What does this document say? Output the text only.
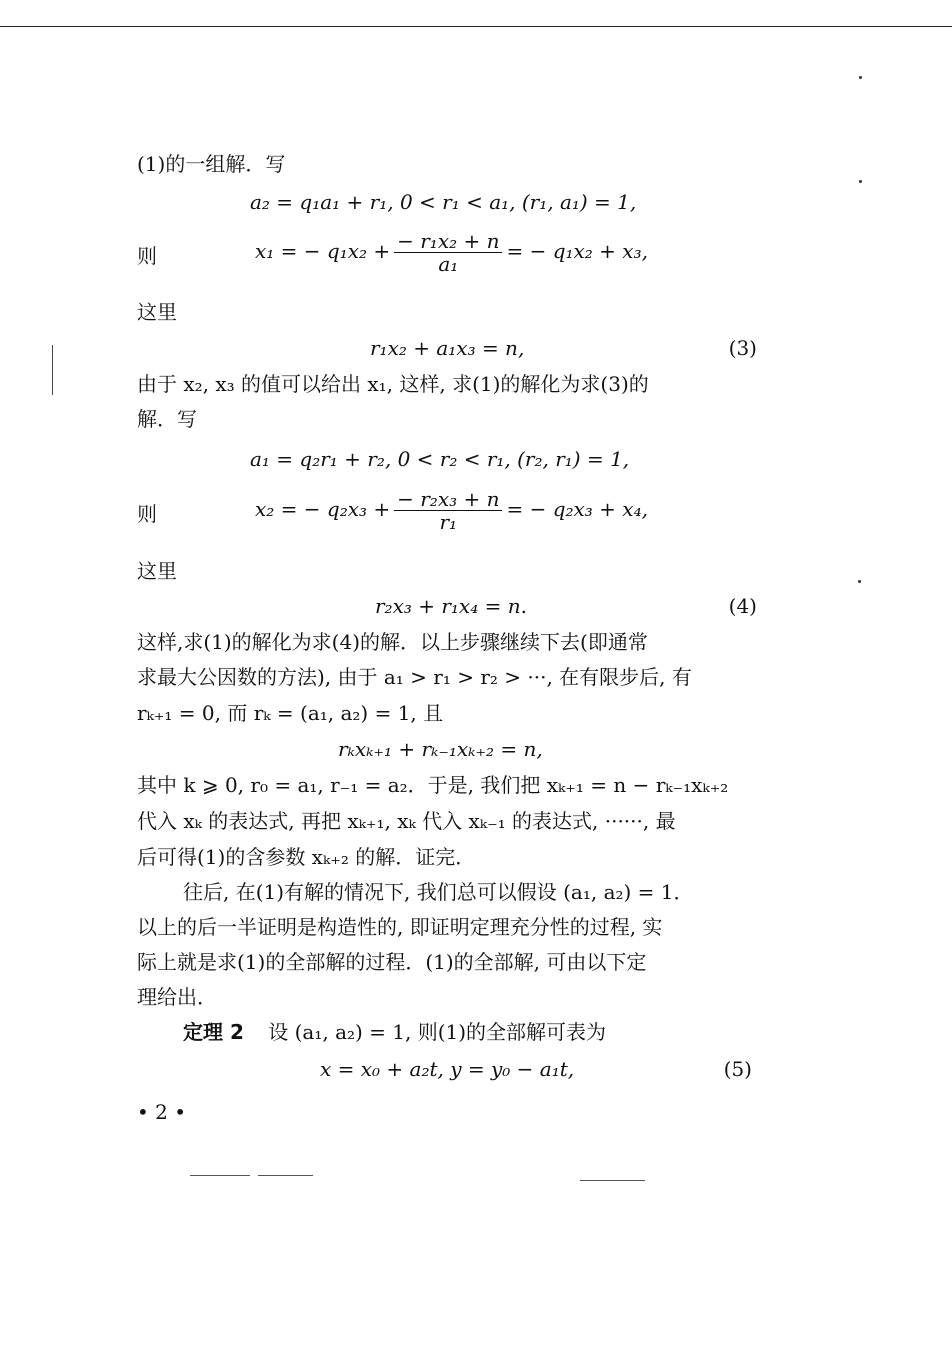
(1)的一组解．写
a₂ = q₁a₁ + r₁, 0 < r₁ < a₁, (r₁, a₁) = 1,
则	x₁ = − $q_1x_2 + \frac{\text{− r₁x₂ + n}}{\text{a₁}}$ = − q₁x₂ + x₃,
这里
r₁x₂ + a₁x₃ = n,	(3)
由于 x₂, x₃ 的值可以给出 x₁, 这样, 求(1)的解化为求(3)的
解．写
a₁ = q₂r₁ + r₂, 0 < r₂ < r₁, (r₂, r₁) = 1,
则	x₂ = − $q_2x_3 + \frac{\text{− r₂x₃ + n}}{\text{r₁}}$ = − q₂x₃ + x₄,
这里
r₂x₃ + r₁x₄ = n.	(4)
这样,求(1)的解化为求(4)的解．以上步骤继续下去(即通常
求最大公因数的方法), 由于 a₁ > r₁ > r₂ > ···, 在有限步后, 有
rₖ₊₁ = 0, 而 rₖ = (a₁, a₂) = 1, 且
rₖxₖ₊₁ + rₖ₋₁xₖ₊₂ = n,
其中 k ⩾ 0, r₀ = a₁, r₋₁ = a₂．于是, 我们把 xₖ₊₁ = n − rₖ₋₁xₖ₊₂
代入 xₖ 的表达式, 再把 xₖ₊₁, xₖ 代入 xₖ₋₁ 的表达式, ······, 最
后可得(1)的含参数 xₖ₊₂ 的解．证完．
往后, 在(1)有解的情况下, 我们总可以假设 (a₁, a₂) = 1．
以上的后一半证明是构造性的, 即证明定理充分性的过程, 实
际上就是求(1)的全部解的过程．(1)的全部解, 可由以下定
理给出．
定理 2 设 (a₁, a₂) = 1, 则(1)的全部解可表为
x = x₀ + a₂t, y = y₀ − a₁t,	(5)
• 2 •
